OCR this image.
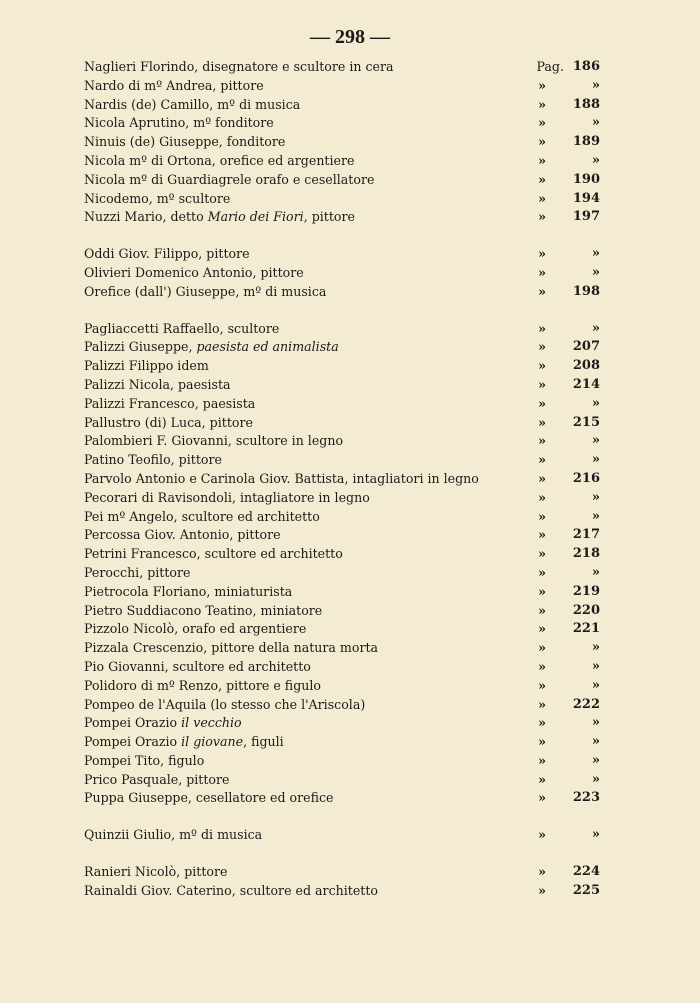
— 298 —
Naglieri Florindo, disegnatore e scultore in cera	Pag. 186
Nardo di mº Andrea, pittore	»	»
Nardis (de) Camillo, mº di musica	»	188
Nicola Aprutino, mº fonditore	»	»
Ninuis (de) Giuseppe, fonditore	»	189
Nicola mº di Ortona, orefice ed argentiere	»	»
Nicola mº di Guardiagrele orafo e cesellatore	»	190
Nicodemo, mº scultore	»	194
Nuzzi Mario, detto Mario dei Fiori, pittore	»	197
Oddi Giov. Filippo, pittore	»	»
Olivieri Domenico Antonio, pittore	»	»
Orefice (dall') Giuseppe, mº di musica	»	198
Pagliaccetti Raffaello, scultore	»	»
Palizzi Giuseppe, paesista ed animalista	»	207
Palizzi Filippo idem	»	208
Palizzi Nicola, paesista	»	214
Palizzi Francesco, paesista	»	»
Pallustro (di) Luca, pittore	»	215
Palombieri F. Giovanni, scultore in legno	»	»
Patino Teofilo, pittore	»	»
Parvolo Antonio e Carinola Giov. Battista, intagliatori in legno	»	216
Pecorari di Ravisondoli, intagliatore in legno	»	»
Pei mº Angelo, scultore ed architetto	»	»
Percossa Giov. Antonio, pittore	»	217
Petrini Francesco, scultore ed architetto	»	218
Perocchi, pittore	»	»
Pietrocola Floriano, miniaturista	»	219
Pietro Suddiacono Teatino, miniatore	»	220
Pizzolo Nicolò, orafo ed argentiere	»	221
Pizzala Crescenzio, pittore della natura morta	»	»
Pio Giovanni, scultore ed architetto	»	»
Polidoro di mº Renzo, pittore e figulo	»	»
Pompeo de l'Aquila (lo stesso che l'Ariscola)	»	222
Pompei Orazio il vecchio	»	»
Pompei Orazio il giovane, figuli	»	»
Pompei Tito, figulo	»	»
Prico Pasquale, pittore	»	»
Puppa Giuseppe, cesellatore ed orefice	»	223
Quinzii Giulio, mº di musica	»	»
Ranieri Nicolò, pittore	»	224
Rainaldi Giov. Caterino, scultore ed architetto	»	225
